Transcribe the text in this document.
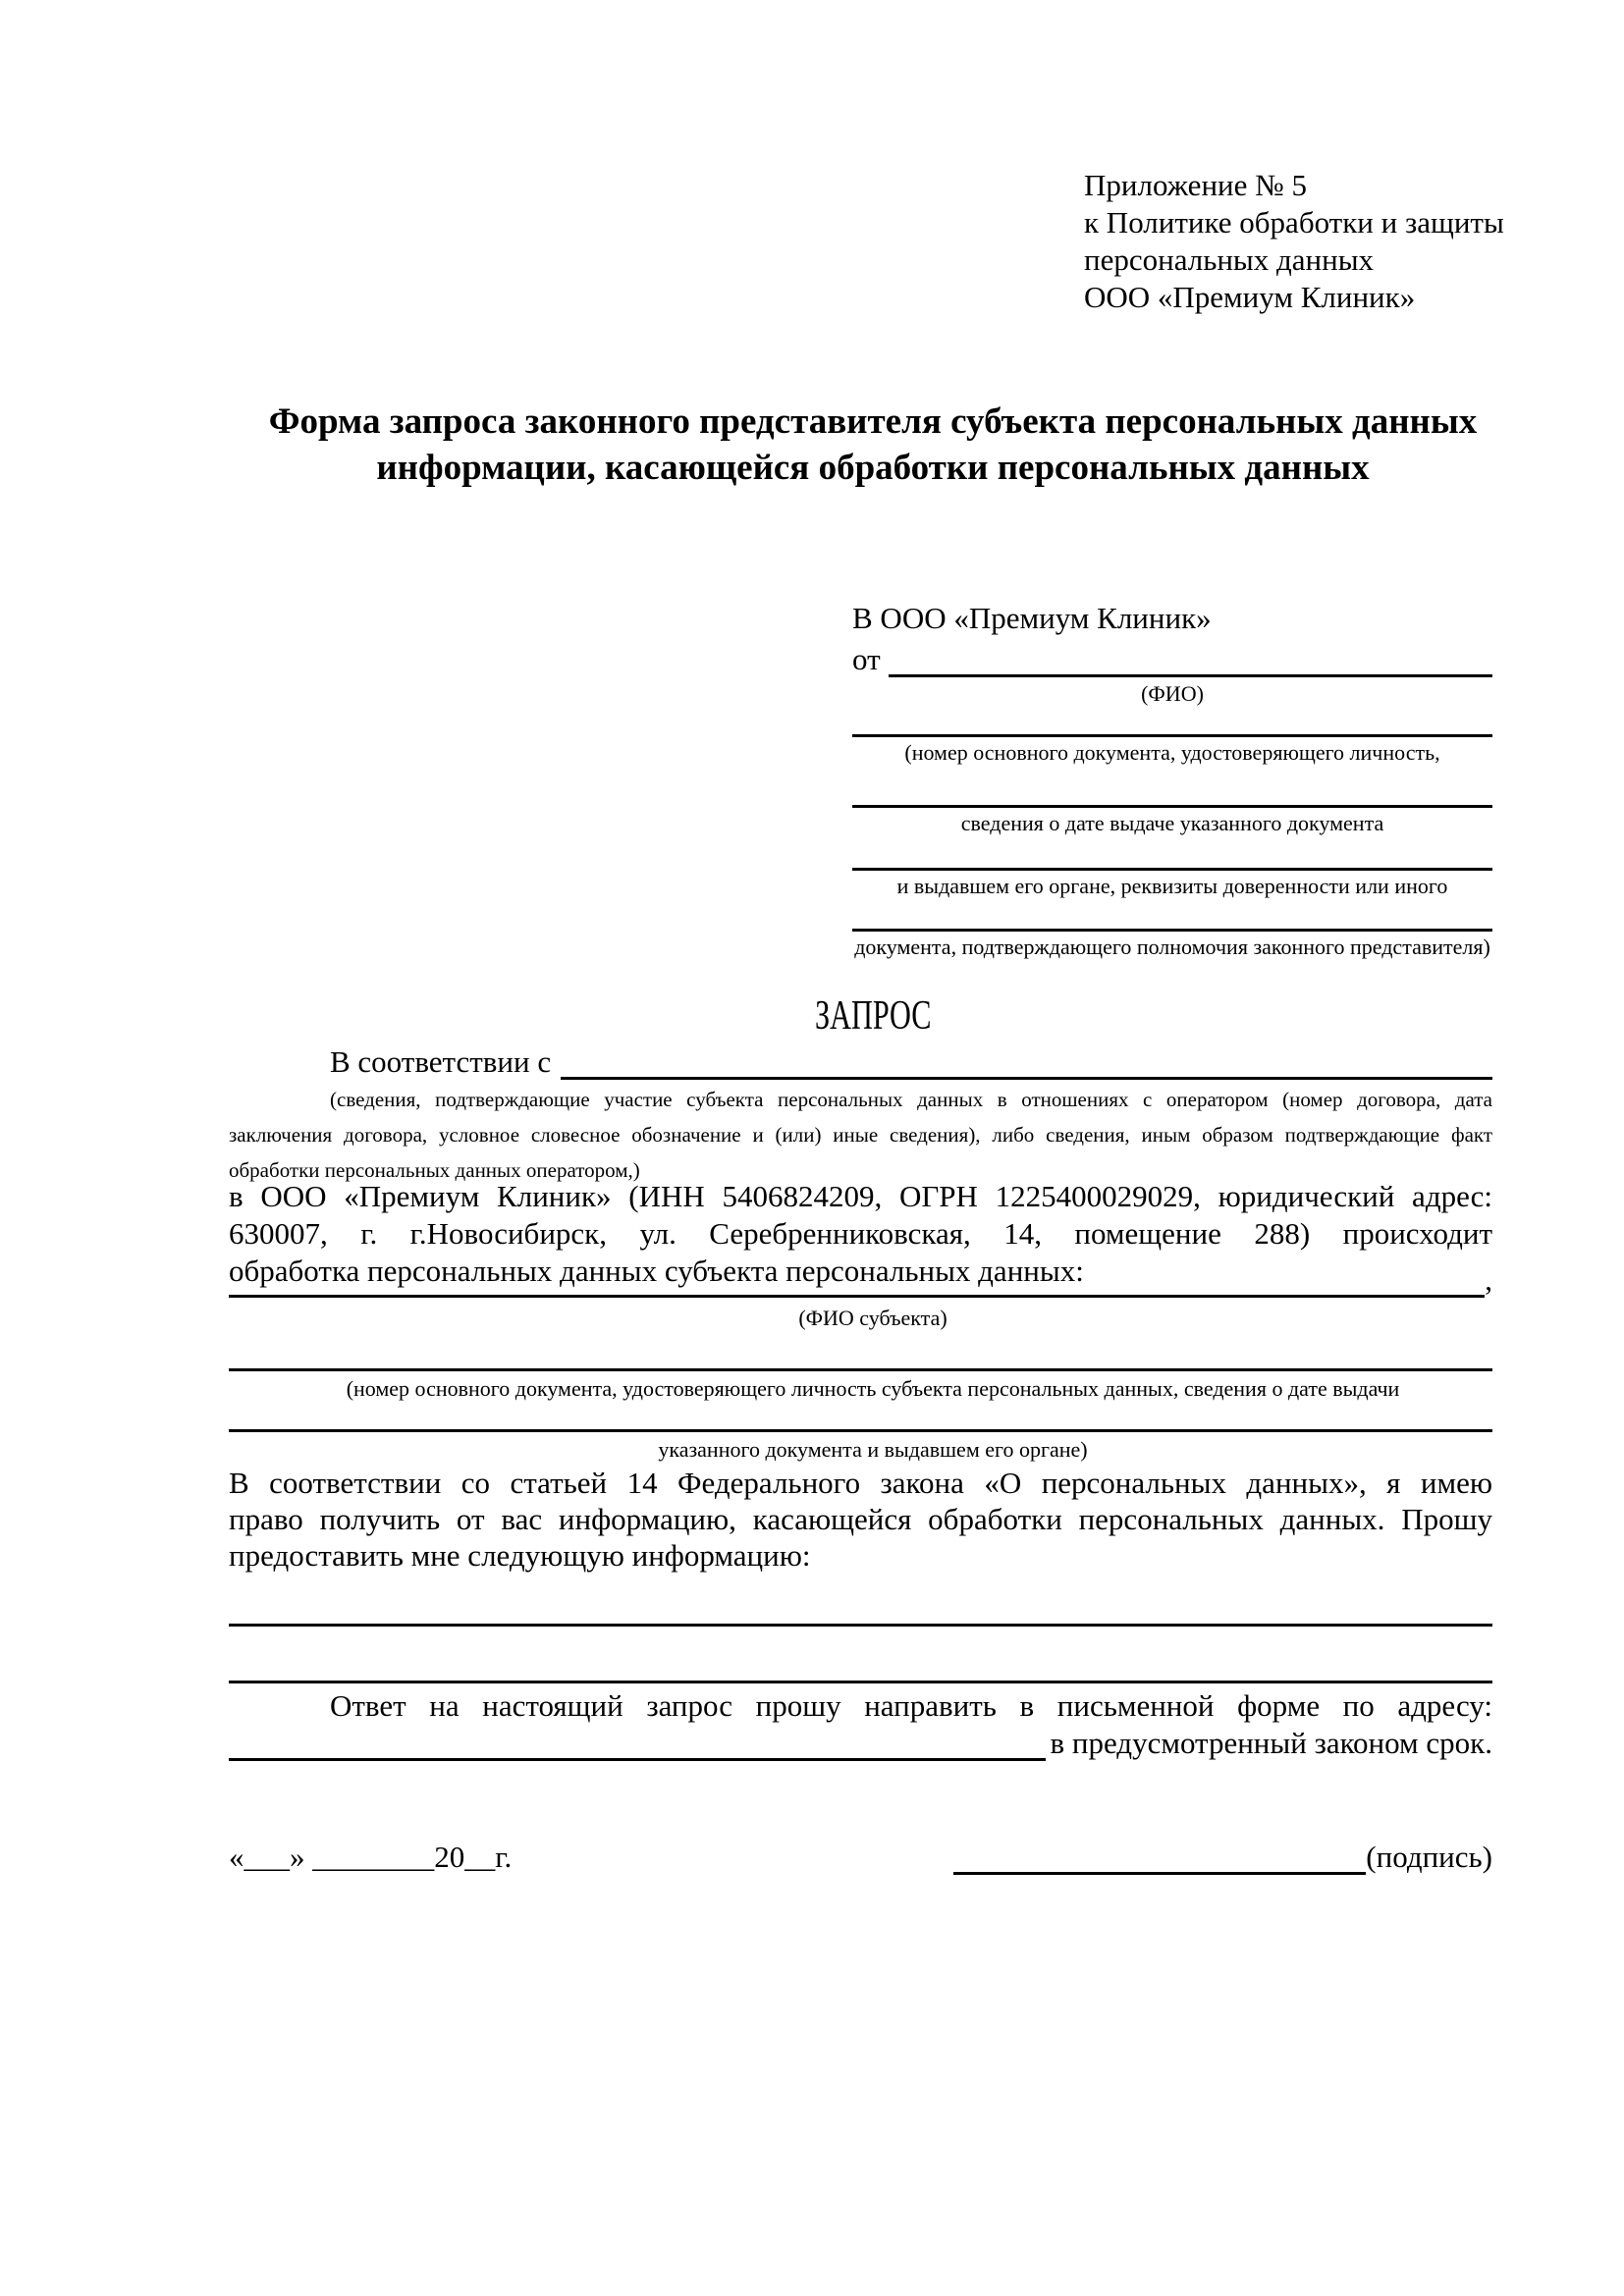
Приложение № 5
к Политике обработки и защиты
персональных данных
ООО «Премиум Клиник»
Форма запроса законного представителя субъекта персональных данных
информации, касающейся обработки персональных данных
В ООО «Премиум Клиник»
от
(ФИО)
(номер основного документа, удостоверяющего личность,
сведения о дате выдаче указанного документа
и выдавшем его органе, реквизиты доверенности или иного
документа, подтверждающего полномочия законного представителя)
ЗАПРОС
В соответствии с
(сведения, подтверждающие участие субъекта персональных данных в отношениях с оператором (номер договора, дата
заключения договора, условное словесное обозначение и (или) иные сведения), либо сведения, иным образом подтверждающие факт
обработки персональных данных оператором,)
в ООО «Премиум Клиник» (ИНН 5406824209, ОГРН 1225400029029, юридический адрес:
630007, г. г.Новосибирск, ул. Серебренниковская, 14, помещение 288) происходит
обработка персональных данных субъекта персональных данных:	,
(ФИО субъекта)
(номер основного документа, удостоверяющего личность субъекта персональных данных, сведения о дате выдачи
указанного документа и выдавшем его органе)
В соответствии со статьей 14 Федерального закона «О персональных данных», я имею
право получить от вас информацию, касающейся обработки персональных данных. Прошу
предоставить мне следующую информацию:
Ответ на настоящий запрос прошу направить в письменной форме по адресу:
в предусмотренный законом срок.
«___» ________20__г.	(подпись)
